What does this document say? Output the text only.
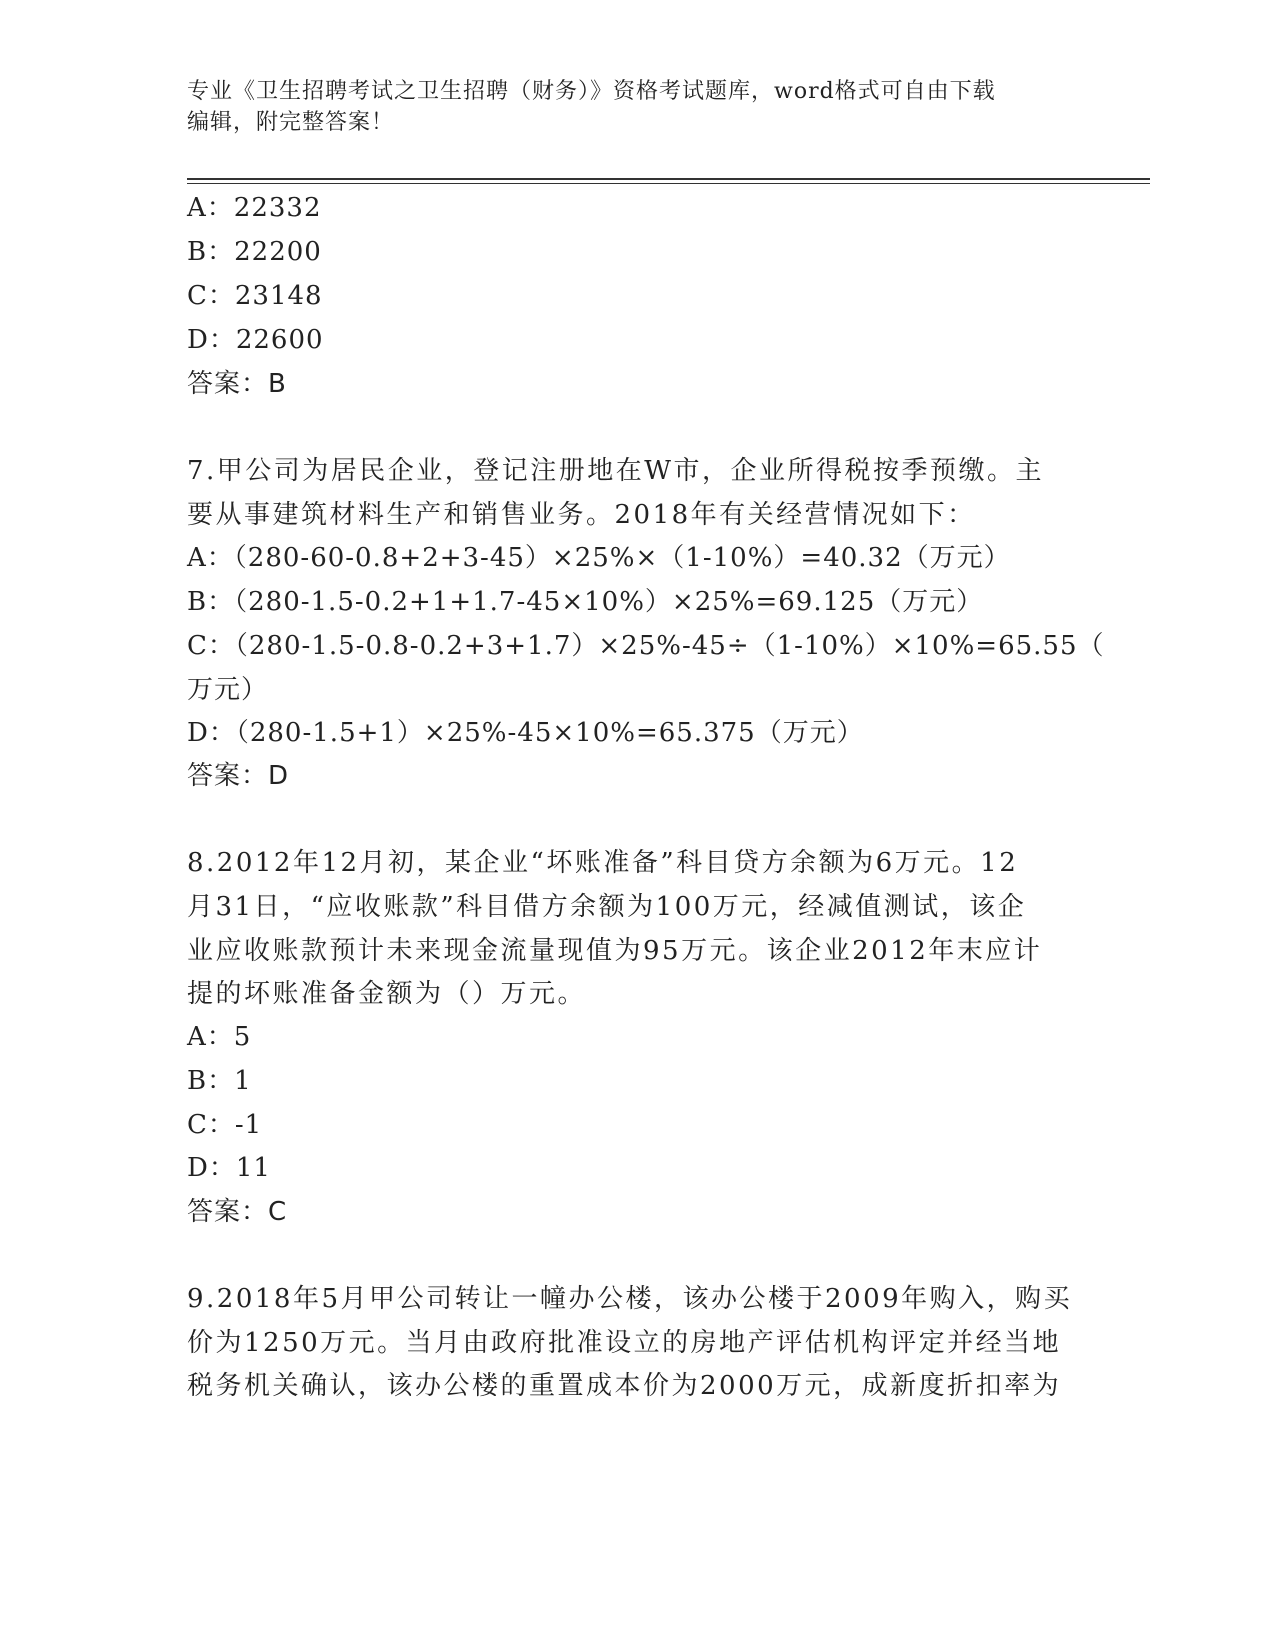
专业《卫生招聘考试之卫生招聘（财务）》资格考试题库，word格式可自由下载
编辑，附完整答案！
A：22332
B：22200
C：23148
D：22600
答案：B
7.甲公司为居民企业，登记注册地在W市，企业所得税按季预缴。主
要从事建筑材料生产和销售业务。2018年有关经营情况如下：
A：（280-60-0.8+2+3-45）×25%×（1-10%）=40.32（万元）
B：（280-1.5-0.2+1+1.7-45×10%）×25%=69.125（万元）
C：（280-1.5-0.8-0.2+3+1.7）×25%-45÷（1-10%）×10%=65.55（
万元）
D：（280-1.5+1）×25%-45×10%=65.375（万元）
答案：D
8.2012年12月初，某企业“坏账准备”科目贷方余额为6万元。12
月31日，“应收账款”科目借方余额为100万元，经减值测试，该企
业应收账款预计未来现金流量现值为95万元。该企业2012年末应计
提的坏账准备金额为（）万元。
A：5
B：1
C：-1
D：11
答案：C
9.2018年5月甲公司转让一幢办公楼，该办公楼于2009年购入，购买
价为1250万元。当月由政府批准设立的房地产评估机构评定并经当地
税务机关确认，该办公楼的重置成本价为2000万元，成新度折扣率为
